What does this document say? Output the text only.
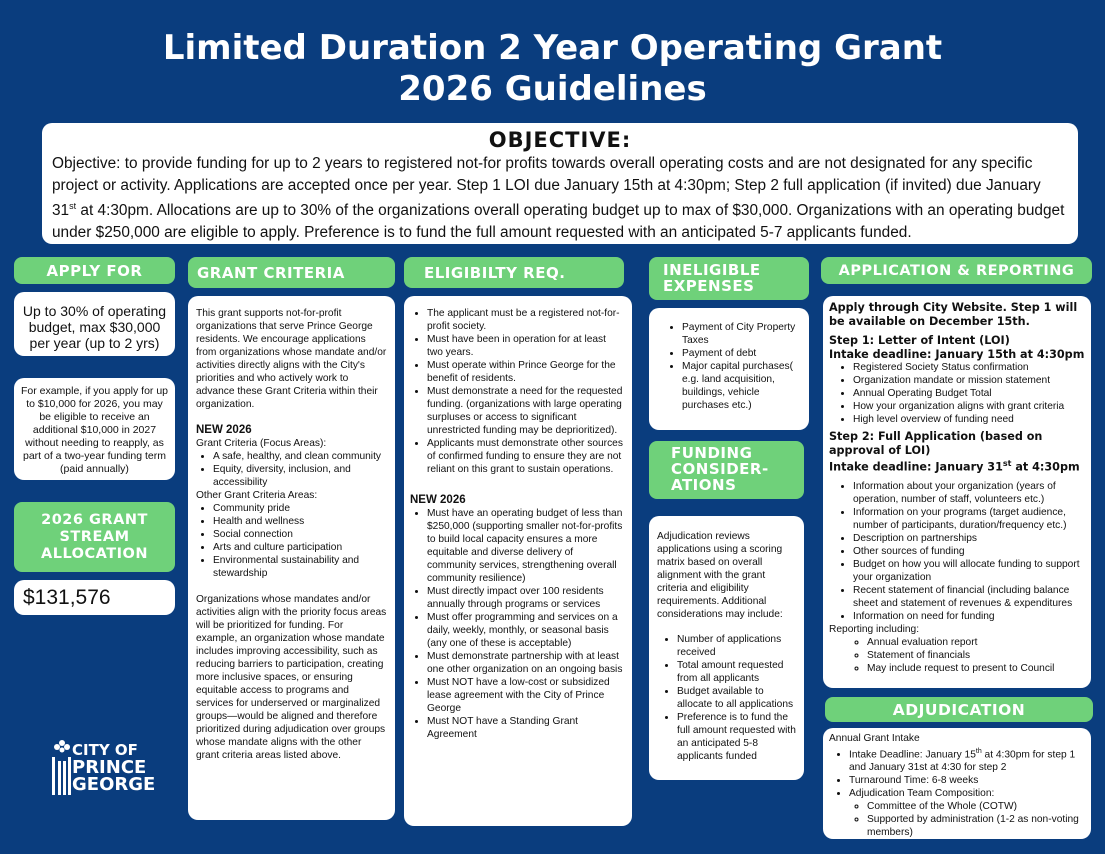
Limited Duration 2 Year Operating Grant
2026 Guidelines
OBJECTIVE:
Objective: to provide funding for up to 2 years to registered not-for profits towards overall operating costs and are not designated for any specific project or activity. Applications are accepted once per year. Step 1 LOI due January 15th at 4:30pm; Step 2 full application (if invited) due January 31st at 4:30pm. Allocations are up to 30% of the organizations overall operating budget up to max of $30,000. Organizations with an operating budget under $250,000 are eligible to apply. Preference is to fund the full amount requested with an anticipated 5-7 applicants funded.
APPLY FOR
Up to 30% of operating budget, max $30,000 per year (up to 2 yrs)
For example, if you apply for up to $10,000 for 2026, you may be eligible to receive an additional $10,000 in 2027 without needing to reapply, as part of a two-year funding term (paid annually)
2026 GRANT STREAM ALLOCATION
$131,576
CITY OF
PRINCE
GEORGE
GRANT CRITERIA
This grant supports not-for-profit organizations that serve Prince George residents. We encourage applications from organizations whose mandate and/or activities directly aligns with the City's priorities and who actively work to advance these Grant Criteria within their organization.
NEW 2026
Grant Criteria (Focus Areas):
• A safe, healthy, and clean community
• Equity, diversity, inclusion, and accessibility
Other Grant Criteria Areas:
• Community pride
• Health and wellness
• Social connection
• Arts and culture participation
• Environmental sustainability and stewardship
Organizations whose mandates and/or activities align with the priority focus areas will be prioritized for funding. For example, an organization whose mandate includes improving accessibility, such as reducing barriers to participation, creating more inclusive spaces, or ensuring equitable access to programs and services for underserved or marginalized groups—would be aligned and therefore prioritized during adjudication over groups whose mandate aligns with the other grant criteria areas listed above.
ELIGIBILTY REQ.
• The applicant must be a registered not-for-profit society.
• Must have been in operation for at least two years.
• Must operate within Prince George for the benefit of residents.
• Must demonstrate a need for the requested funding. (organizations with large operating surpluses or access to significant unrestricted funding may be deprioritized).
• Applicants must demonstrate other sources of confirmed funding to ensure they are not reliant on this grant to sustain operations.
NEW 2026
• Must have an operating budget of less than $250,000 (supporting smaller not-for-profits to build local capacity ensures a more equitable and diverse delivery of community services, strengthening overall community resilience)
• Must directly impact over 100 residents annually through programs or services
• Must offer programming and services on a daily, weekly, monthly, or seasonal basis (any one of these is acceptable)
• Must demonstrate partnership with at least one other organization on an ongoing basis
• Must NOT have a low-cost or subsidized lease agreement with the City of Prince George
• Must NOT have a Standing Grant Agreement
INELIGIBLE
EXPENSES
• Payment of City Property Taxes
• Payment of debt
• Major capital purchases( e.g. land acquisition, buildings, vehicle purchases etc.)
FUNDING
CONSIDER-
ATIONS
Adjudication reviews applications using a scoring matrix based on overall alignment with the grant criteria and eligibility requirements. Additional considerations may include:
• Number of applications received
• Total amount requested from all applicants
• Budget available to allocate to all applications
• Preference is to fund the full amount requested with an anticipated 5-8 applicants funded
APPLICATION & REPORTING
Apply through City Website. Step 1 will be available on December 15th.
Step 1: Letter of Intent (LOI)
Intake deadline: January 15th at 4:30pm
• Registered Society Status confirmation
• Organization mandate or mission statement
• Annual Operating Budget Total
• How your organization aligns with grant criteria
• High level overview of funding need
Step 2: Full Application (based on approval of LOI)
Intake deadline: January 31st at 4:30pm
• Information about your organization (years of operation, number of staff, volunteers etc.)
• Information on your programs (target audience, number of participants, duration/frequency etc.)
• Description on partnerships
• Other sources of funding
• Budget on how you will allocate funding to support your organization
• Recent statement of financial (including balance sheet and statement of revenues & expenditures
• Information on need for funding
Reporting including:
◦ Annual evaluation report
◦ Statement of financials
◦ May include request to present to Council
ADJUDICATION
Annual Grant Intake
• Intake Deadline: January 15th at 4:30pm for step 1 and January 31st at 4:30 for step 2
• Turnaround Time: 6-8 weeks
• Adjudication Team Composition:
◦ Committee of the Whole (COTW)
◦ Supported by administration (1-2 as non-voting members)
